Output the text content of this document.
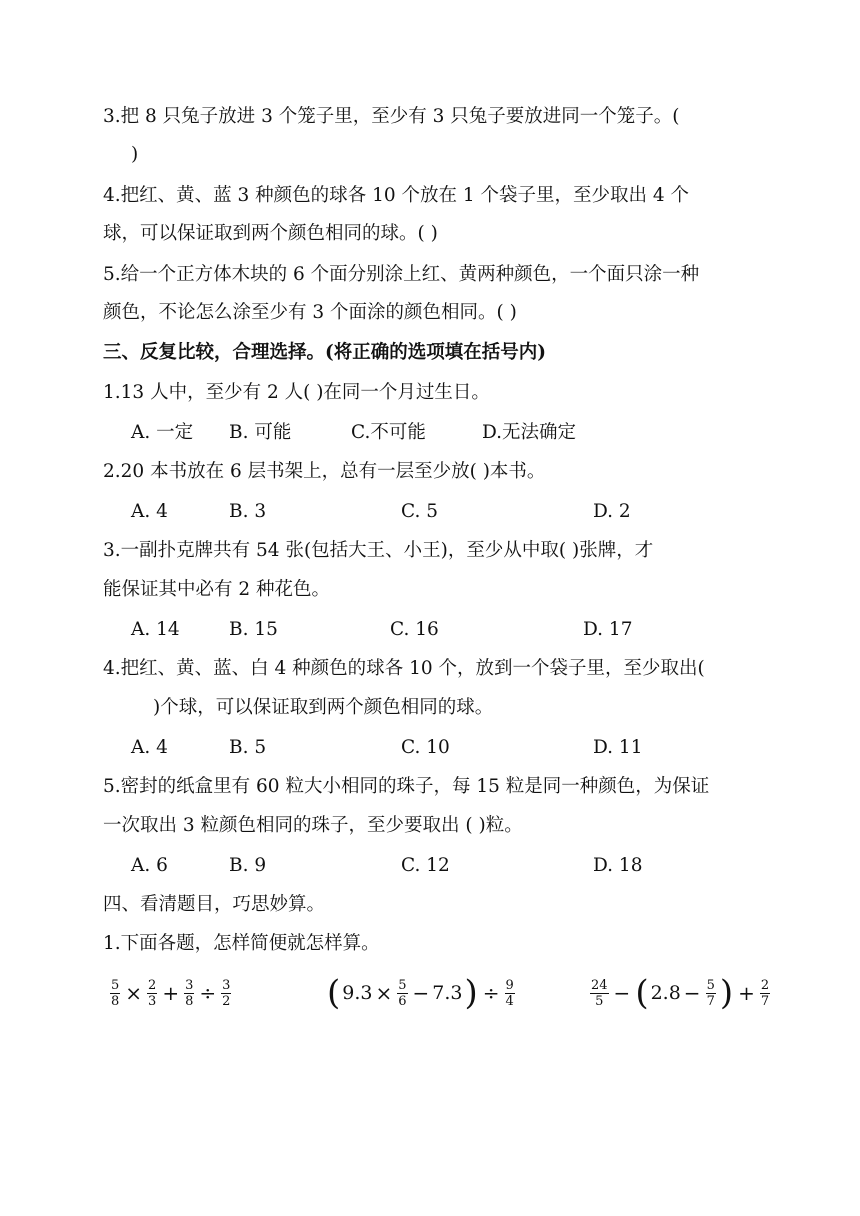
3.把 8 只兔子放进 3 个笼子里，至少有 3 只兔子要放进同一个笼子。(
)
4.把红、黄、蓝 3 种颜色的球各 10 个放在 1 个袋子里，至少取出 4 个
球，可以保证取到两个颜色相同的球。( )
5.给一个正方体木块的 6 个面分别涂上红、黄两种颜色，一个面只涂一种
颜色，不论怎么涂至少有 3 个面涂的颜色相同。( )
三、反复比较，合理选择。(将正确的选项填在括号内)
1.13 人中，至少有 2 人( )在同一个月过生日。
A. 一定 B. 可能	C.不可能	D.无法确定
2.20 本书放在 6 层书架上，总有一层至少放( )本书。
A. 4	B. 3	C. 5	D. 2
3.一副扑克牌共有 54 张(包括大王、小王)，至少从中取( )张牌，才
能保证其中必有 2 种花色。
A. 14	B. 15	C. 16	D. 17
4.把红、黄、蓝、白 4 种颜色的球各 10 个，放到一个袋子里，至少取出(
)个球，可以保证取到两个颜色相同的球。
A. 4	B. 5	C. 10	D. 11
5.密封的纸盒里有 60 粒大小相同的珠子，每 15 粒是同一种颜色，为保证
一次取出 3 粒颜色相同的珠子，至少要取出 ( )粒。
A. 6	B. 9	C. 12	D. 18
四、看清题目，巧思妙算。
1.下面各题，怎样简便就怎样算。
$\frac{5}{8} \times \frac{2}{3} + \frac{3}{8} \div \frac{3}{2}$	( $9.3 \times \frac{5}{6} - 7.3$ ) ÷ $\frac{9}{4}$	$\frac{24}{5}$ − ( $2.8 - \frac{5}{7}$ ) + $\frac{2}{7}$
